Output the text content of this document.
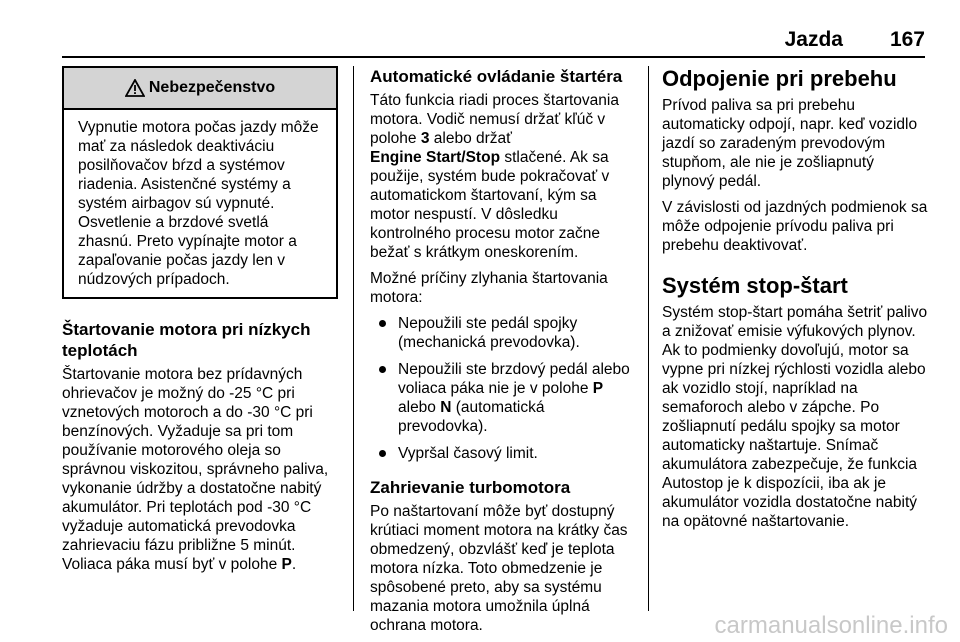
Jazda 167
Nebezpečenstvo

Vypnutie motora počas jazdy môže mať za následok deaktiváciu posilňovačov bŕzd a systémov riadenia. Asistenčné systémy a systém airbagov sú vypnuté. Osvetlenie a brzdové svetlá zhasnú. Preto vypínajte motor a zapaľovanie počas jazdy len v núdzových prípadoch.

Štartovanie motora pri nízkych teplotách

Štartovanie motora bez prídavných ohrievačov je možný do -25 °C pri vznetových motoroch a do -30 °C pri benzínových. Vyžaduje sa pri tom používanie motorového oleja so správnou viskozitou, správneho paliva, vykonanie údržby a dostatočne nabitý akumulátor. Pri teplotách pod -30 °C vyžaduje automatická prevodovka zahrievaciu fázu približne 5 minút. Voliaca páka musí byť v polohe P.

Automatické ovládanie štartéra

Táto funkcia riadi proces štartovania motora. Vodič nemusí držať kľúč v polohe 3 alebo držať
Engine Start/Stop stlačené. Ak sa použije, systém bude pokračovať v automatickom štartovaní, kým sa motor nespustí. V dôsledku kontrolného procesu motor začne bežať s krátkym oneskorením.

Možné príčiny zlyhania štartovania motora:

Nepoužili ste pedál spojky (mechanická prevodovka).
Nepoužili ste brzdový pedál alebo voliaca páka nie je v polohe P alebo N (automatická prevodovka).
Vypršal časový limit.
Zahrievanie turbomotora

Po naštartovaní môže byť dostupný krútiaci moment motora na krátky čas obmedzený, obzvlášť keď je teplota motora nízka. Toto obmedzenie je spôsobené preto, aby sa systému mazania motora umožnila úplná ochrana motora.

Odpojenie pri prebehu

Prívod paliva sa pri prebehu automaticky odpojí, napr. keď vozidlo jazdí so zaradeným prevodovým stupňom, ale nie je zošliapnutý plynový pedál.

V závislosti od jazdných podmienok sa môže odpojenie prívodu paliva pri prebehu deaktivovať.

Systém stop-štart

Systém stop-štart pomáha šetriť palivo a znižovať emisie výfukových plynov. Ak to podmienky dovoľujú, motor sa vypne pri nízkej rýchlosti vozidla alebo ak vozidlo stojí, napríklad na semaforoch alebo v zápche. Po zošliapnutí pedálu spojky sa motor automaticky naštartuje. Snímač akumulátora zabezpečuje, že funkcia Autostop je k dispozícii, iba ak je akumulátor vozidla dostatočne nabitý na opätovné naštartovanie.

carmanualsonline.info
